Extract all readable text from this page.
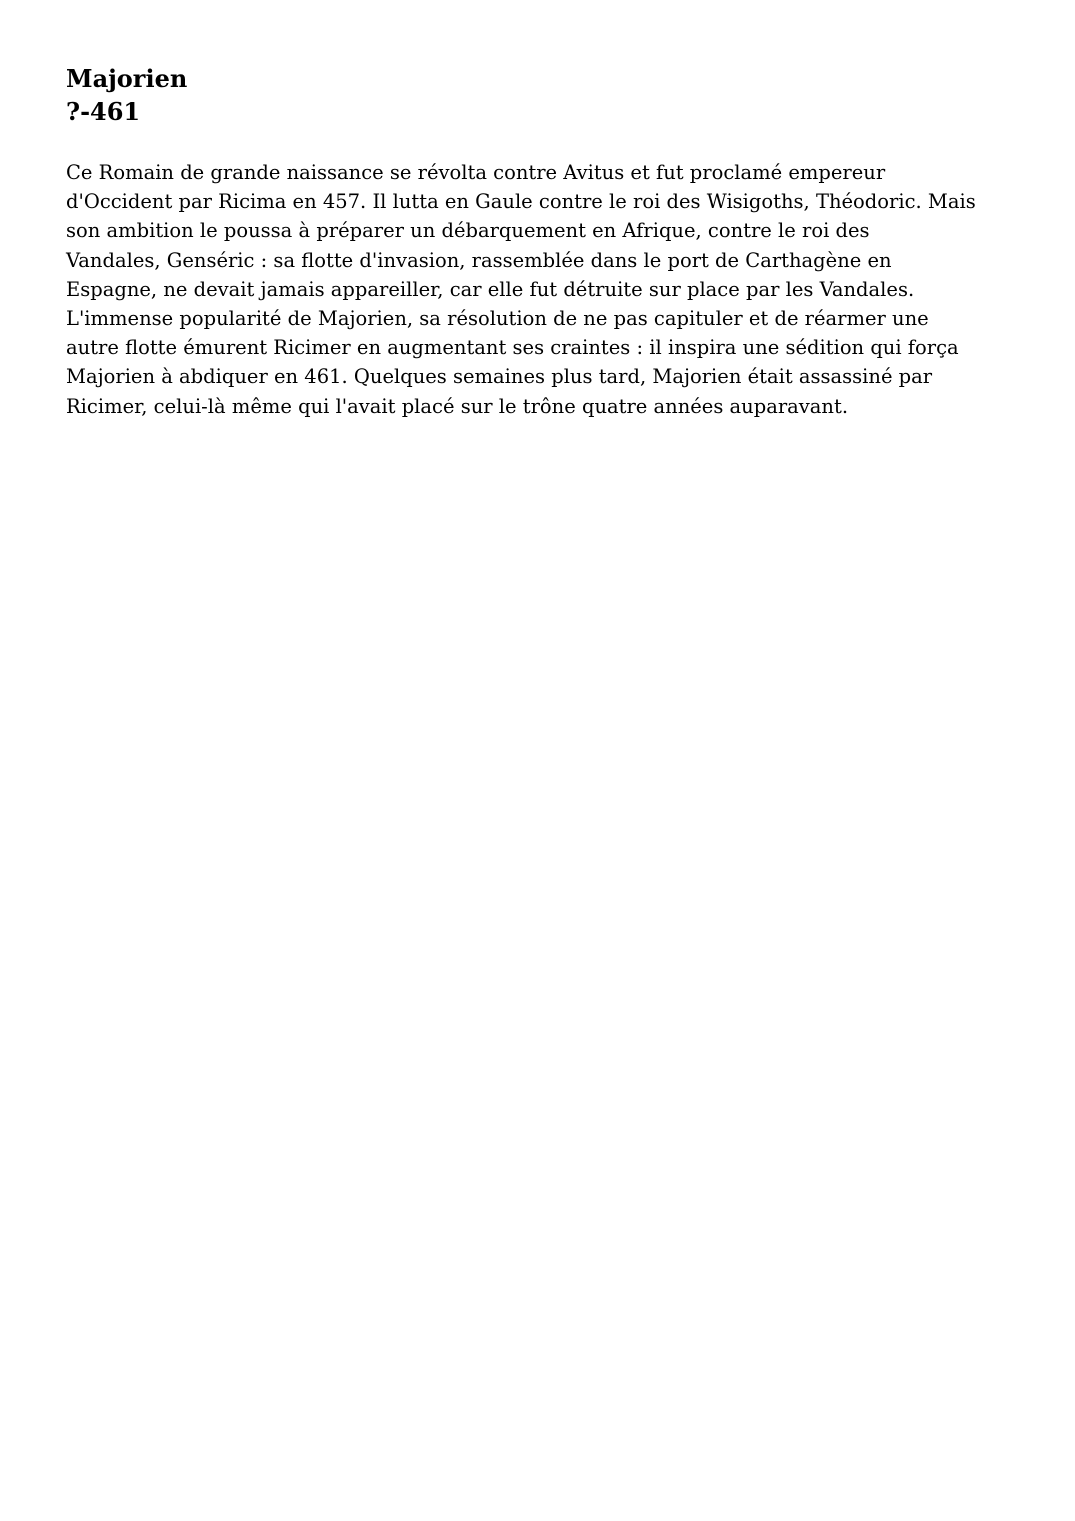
Majorien
?-461
Ce Romain de grande naissance se révolta contre Avitus et fut proclamé empereur
d'Occident par Ricima en 457. Il lutta en Gaule contre le roi des Wisigoths, Théodoric. Mais
son ambition le poussa à préparer un débarquement en Afrique, contre le roi des
Vandales, Genséric : sa flotte d'invasion, rassemblée dans le port de Carthagène en
Espagne, ne devait jamais appareiller, car elle fut détruite sur place par les Vandales.
L'immense popularité de Majorien, sa résolution de ne pas capituler et de réarmer une
autre flotte émurent Ricimer en augmentant ses craintes : il inspira une sédition qui força
Majorien à abdiquer en 461. Quelques semaines plus tard, Majorien était assassiné par
Ricimer, celui-là même qui l'avait placé sur le trône quatre années auparavant.
